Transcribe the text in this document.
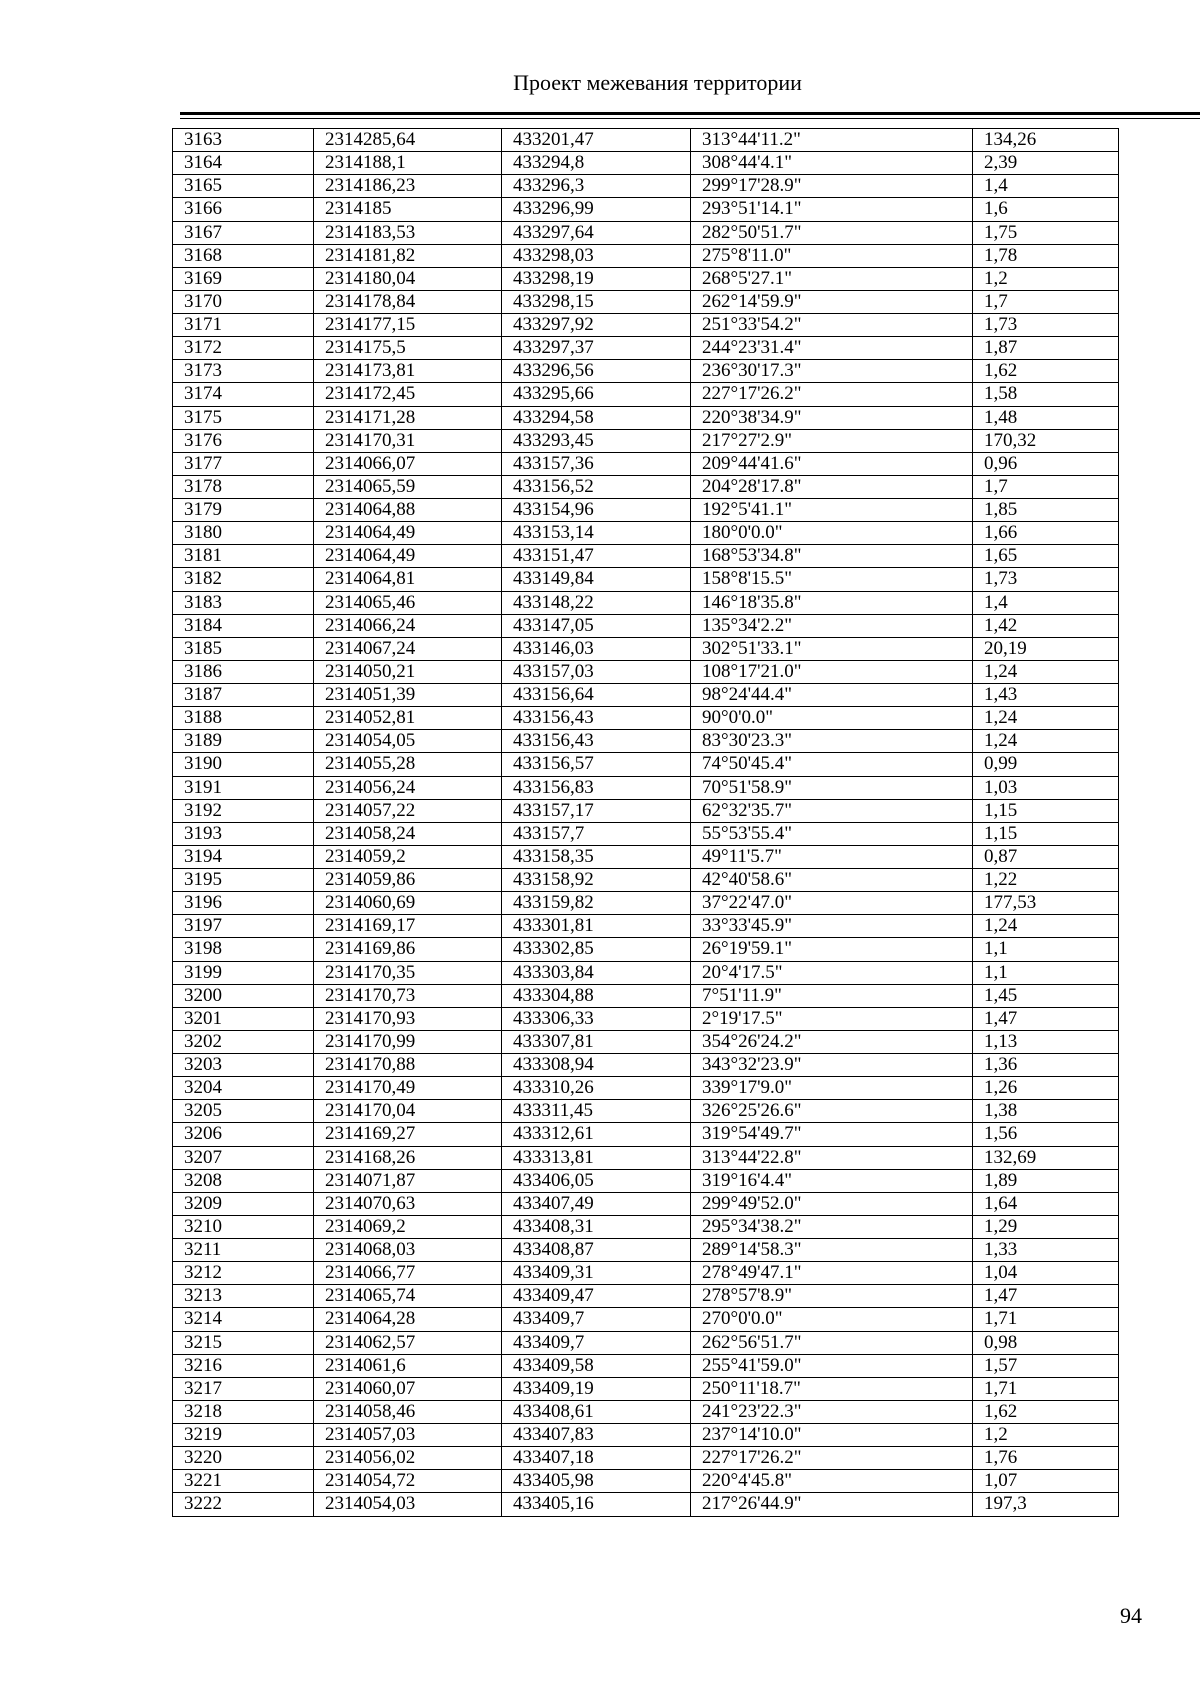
Проект межевания территории
3163	2314285,64	433201,47	313°44'11.2"	134,26
3164	2314188,1	433294,8	308°44'4.1"	2,39
3165	2314186,23	433296,3	299°17'28.9"	1,4
3166	2314185	433296,99	293°51'14.1"	1,6
3167	2314183,53	433297,64	282°50'51.7"	1,75
3168	2314181,82	433298,03	275°8'11.0"	1,78
3169	2314180,04	433298,19	268°5'27.1"	1,2
3170	2314178,84	433298,15	262°14'59.9"	1,7
3171	2314177,15	433297,92	251°33'54.2"	1,73
3172	2314175,5	433297,37	244°23'31.4"	1,87
3173	2314173,81	433296,56	236°30'17.3"	1,62
3174	2314172,45	433295,66	227°17'26.2"	1,58
3175	2314171,28	433294,58	220°38'34.9"	1,48
3176	2314170,31	433293,45	217°27'2.9"	170,32
3177	2314066,07	433157,36	209°44'41.6"	0,96
3178	2314065,59	433156,52	204°28'17.8"	1,7
3179	2314064,88	433154,96	192°5'41.1"	1,85
3180	2314064,49	433153,14	180°0'0.0"	1,66
3181	2314064,49	433151,47	168°53'34.8"	1,65
3182	2314064,81	433149,84	158°8'15.5"	1,73
3183	2314065,46	433148,22	146°18'35.8"	1,4
3184	2314066,24	433147,05	135°34'2.2"	1,42
3185	2314067,24	433146,03	302°51'33.1"	20,19
3186	2314050,21	433157,03	108°17'21.0"	1,24
3187	2314051,39	433156,64	98°24'44.4"	1,43
3188	2314052,81	433156,43	90°0'0.0"	1,24
3189	2314054,05	433156,43	83°30'23.3"	1,24
3190	2314055,28	433156,57	74°50'45.4"	0,99
3191	2314056,24	433156,83	70°51'58.9"	1,03
3192	2314057,22	433157,17	62°32'35.7"	1,15
3193	2314058,24	433157,7	55°53'55.4"	1,15
3194	2314059,2	433158,35	49°11'5.7"	0,87
3195	2314059,86	433158,92	42°40'58.6"	1,22
3196	2314060,69	433159,82	37°22'47.0"	177,53
3197	2314169,17	433301,81	33°33'45.9"	1,24
3198	2314169,86	433302,85	26°19'59.1"	1,1
3199	2314170,35	433303,84	20°4'17.5"	1,1
3200	2314170,73	433304,88	7°51'11.9"	1,45
3201	2314170,93	433306,33	2°19'17.5"	1,47
3202	2314170,99	433307,81	354°26'24.2"	1,13
3203	2314170,88	433308,94	343°32'23.9"	1,36
3204	2314170,49	433310,26	339°17'9.0"	1,26
3205	2314170,04	433311,45	326°25'26.6"	1,38
3206	2314169,27	433312,61	319°54'49.7"	1,56
3207	2314168,26	433313,81	313°44'22.8"	132,69
3208	2314071,87	433406,05	319°16'4.4"	1,89
3209	2314070,63	433407,49	299°49'52.0"	1,64
3210	2314069,2	433408,31	295°34'38.2"	1,29
3211	2314068,03	433408,87	289°14'58.3"	1,33
3212	2314066,77	433409,31	278°49'47.1"	1,04
3213	2314065,74	433409,47	278°57'8.9"	1,47
3214	2314064,28	433409,7	270°0'0.0"	1,71
3215	2314062,57	433409,7	262°56'51.7"	0,98
3216	2314061,6	433409,58	255°41'59.0"	1,57
3217	2314060,07	433409,19	250°11'18.7"	1,71
3218	2314058,46	433408,61	241°23'22.3"	1,62
3219	2314057,03	433407,83	237°14'10.0"	1,2
3220	2314056,02	433407,18	227°17'26.2"	1,76
3221	2314054,72	433405,98	220°4'45.8"	1,07
3222	2314054,03	433405,16	217°26'44.9"	197,3
94
